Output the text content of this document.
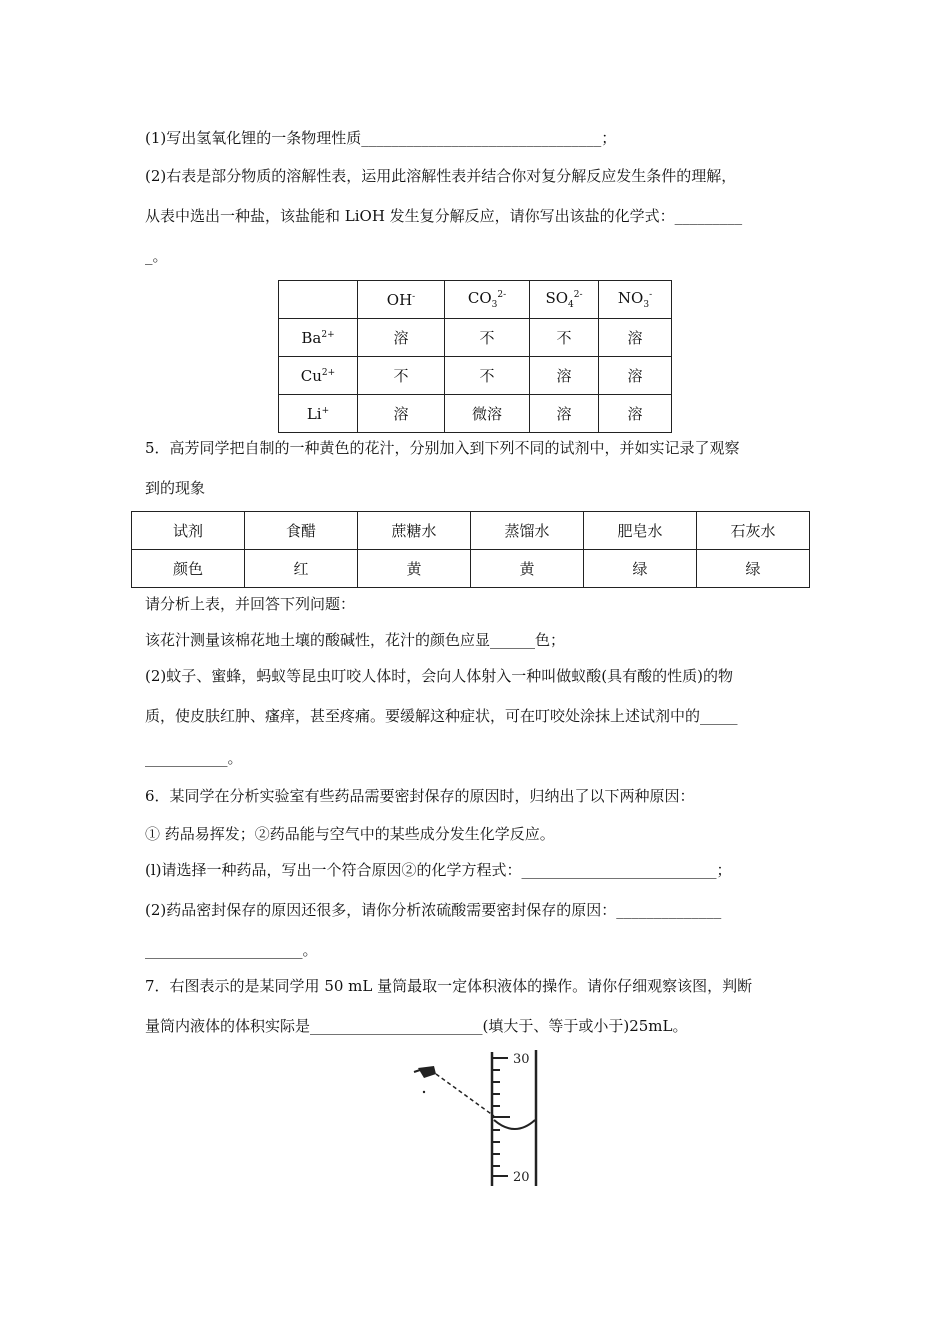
(1)写出氢氧化锂的一条物理性质________________________________；
(2)右表是部分物质的溶解性表，运用此溶解性表并结合你对复分解反应发生条件的理解，
从表中选出一种盐，该盐能和 LiOH 发生复分解反应，请你写出该盐的化学式：_________
_。
	OH-	$CO_3^{2-}$	$SO_4^{2-}$	$NO_3^-$
$Ba^{2+}$	溶	不	不	溶
$Cu^{2+}$	不	不	溶	溶
Li+	溶	微溶	溶	溶
5．高芳同学把自制的一种黄色的花汁，分别加入到下列不同的试剂中，并如实记录了观察
到的现象
试剂	食醋	蔗糖水	蒸馏水	肥皂水	石灰水
颜色	红	黄	黄	绿	绿
请分析上表，并回答下列问题：
该花汁测量该棉花地土壤的酸碱性，花汁的颜色应显______色；
(2)蚊子、蜜蜂，蚂蚁等昆虫叮咬人体时，会向人体射入一种叫做蚁酸(具有酸的性质)的物
质，使皮肤红肿、瘙痒，甚至疼痛。要缓解这种症状，可在叮咬处涂抹上述试剂中的_____
___________。
6．某同学在分析实验室有些药品需要密封保存的原因时，归纳出了以下两种原因：
① 药品易挥发；②药品能与空气中的某些成分发生化学反应。
(l)请选择一种药品，写出一个符合原因②的化学方程式：__________________________；
(2)药品密封保存的原因还很多，请你分析浓硫酸需要密封保存的原因：______________
_____________________。
7．右图表示的是某同学用 50 mL 量筒最取一定体积液体的操作。请你仔细观察该图，判断
量筒内液体的体积实际是_______________________(填大于、等于或小于)25mL。
30
20
